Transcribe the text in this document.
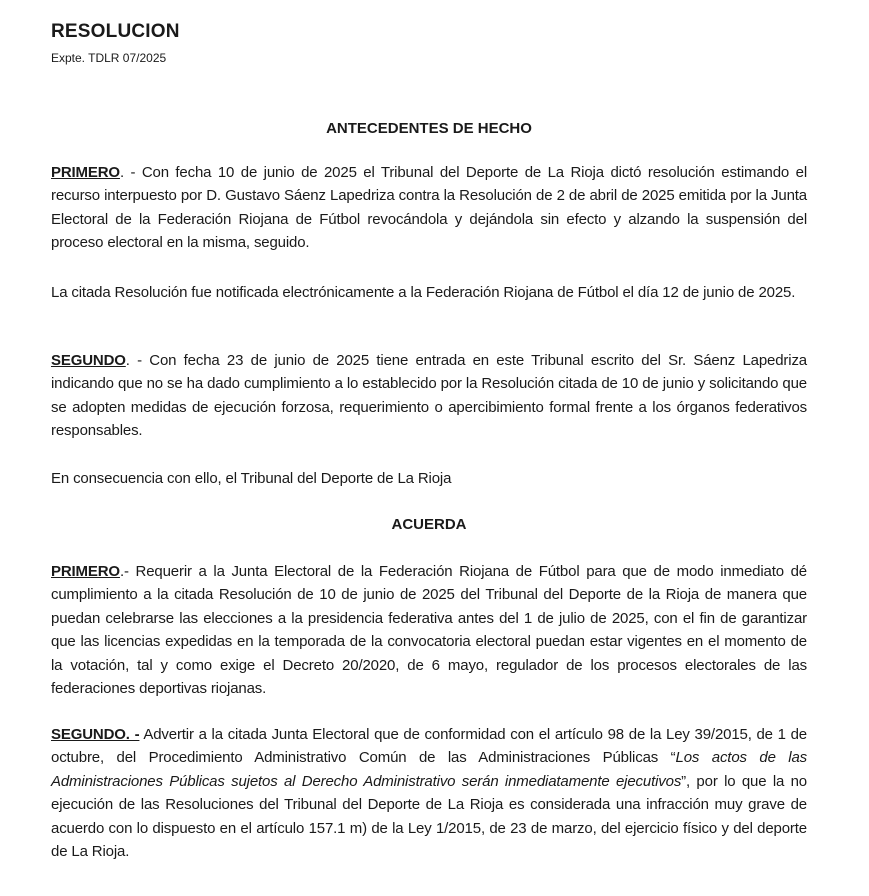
RESOLUCION
Expte. TDLR 07/2025
ANTECEDENTES DE HECHO

PRIMERO. - Con fecha 10 de junio de 2025 el Tribunal del Deporte de La Rioja dictó resolución estimando el recurso interpuesto por D. Gustavo Sáenz Lapedriza contra la Resolución de 2 de abril de 2025 emitida por la Junta Electoral de la Federación Riojana de Fútbol revocándola y dejándola sin efecto y alzando la suspensión del proceso electoral en la misma, seguido.

La citada Resolución fue notificada electrónicamente a la Federación Riojana de Fútbol el día 12 de junio de 2025.

SEGUNDO. - Con fecha 23 de junio de 2025 tiene entrada en este Tribunal escrito del Sr. Sáenz Lapedriza indicando que no se ha dado cumplimiento a lo establecido por la Resolución citada de 10 de junio y solicitando que se adopten medidas de ejecución forzosa, requerimiento o apercibimiento formal frente a los órganos federativos responsables.

En consecuencia con ello, el Tribunal del Deporte de La Rioja

ACUERDA

PRIMERO.- Requerir a la Junta Electoral de la Federación Riojana de Fútbol para que de modo inmediato dé cumplimiento a la citada Resolución de 10 de junio de 2025 del Tribunal del Deporte de la Rioja de manera que puedan celebrarse las elecciones a la presidencia federativa antes del 1 de julio de 2025, con el fin de garantizar que las licencias expedidas en la temporada de la convocatoria electoral puedan estar vigentes en el momento de la votación, tal y como exige el Decreto 20/2020, de 6 mayo, regulador de los procesos electorales de las federaciones deportivas riojanas.

SEGUNDO. - Advertir a la citada Junta Electoral que de conformidad con el artículo 98 de la Ley 39/2015, de 1 de octubre, del Procedimiento Administrativo Común de las Administraciones Públicas “Los actos de las Administraciones Públicas sujetos al Derecho Administrativo serán inmediatamente ejecutivos”, por lo que la no ejecución de las Resoluciones del Tribunal del Deporte de La Rioja es considerada una infracción muy grave de acuerdo con lo dispuesto en el artículo 157.1 m) de la Ley 1/2015, de 23 de marzo, del ejercicio físico y del deporte de La Rioja.
